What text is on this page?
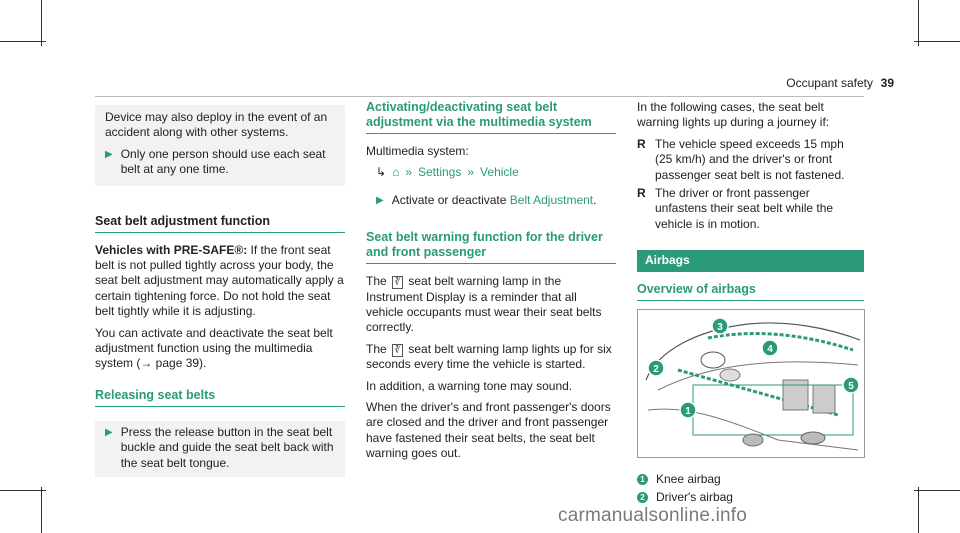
Occupant safety 39

Device may also deploy in the event of an accident along with other systems.

▶ Only one person should use each seat belt at any one time.
Seat belt adjustment function

Vehicles with PRE‑SAFE®: If the front seat belt is not pulled tightly across your body, the seat belt adjustment may automatically apply a certain tightening force. Do not hold the seat belt tightly while it is adjusting.

You can activate and deactivate the seat belt adjustment function using the multimedia system (→ page 39).

Releasing seat belts
▶ Press the release button in the seat belt buckle and guide the seat belt back with the seat belt tongue.
Activating/deactivating seat belt adjustment via the multimedia system

Multimedia system:

↳ ⌂ » Settings » Vehicle
▶ Activate or deactivate Belt Adjustment.
Seat belt warning function for the driver and front passenger

The ∛ seat belt warning lamp in the Instrument Display is a reminder that all vehicle occupants must wear their seat belts correctly.

The ∛ seat belt warning lamp lights up for six seconds every time the vehicle is started.

In addition, a warning tone may sound.

When the driver's and front passenger's doors are closed and the driver and front passenger have fastened their seat belts, the seat belt warning goes out.

In the following cases, the seat belt warning lights up during a journey if:

R The vehicle speed exceeds 15 mph (25 km/h) and the driver's or front passenger seat belt is not fastened.
R The driver or front passenger unfastens their seat belt while the vehicle is in motion.
Airbags
Overview of airbags
3
4
2
5
1
1 Knee airbag
2 Driver's airbag
carmanualsonline.info
